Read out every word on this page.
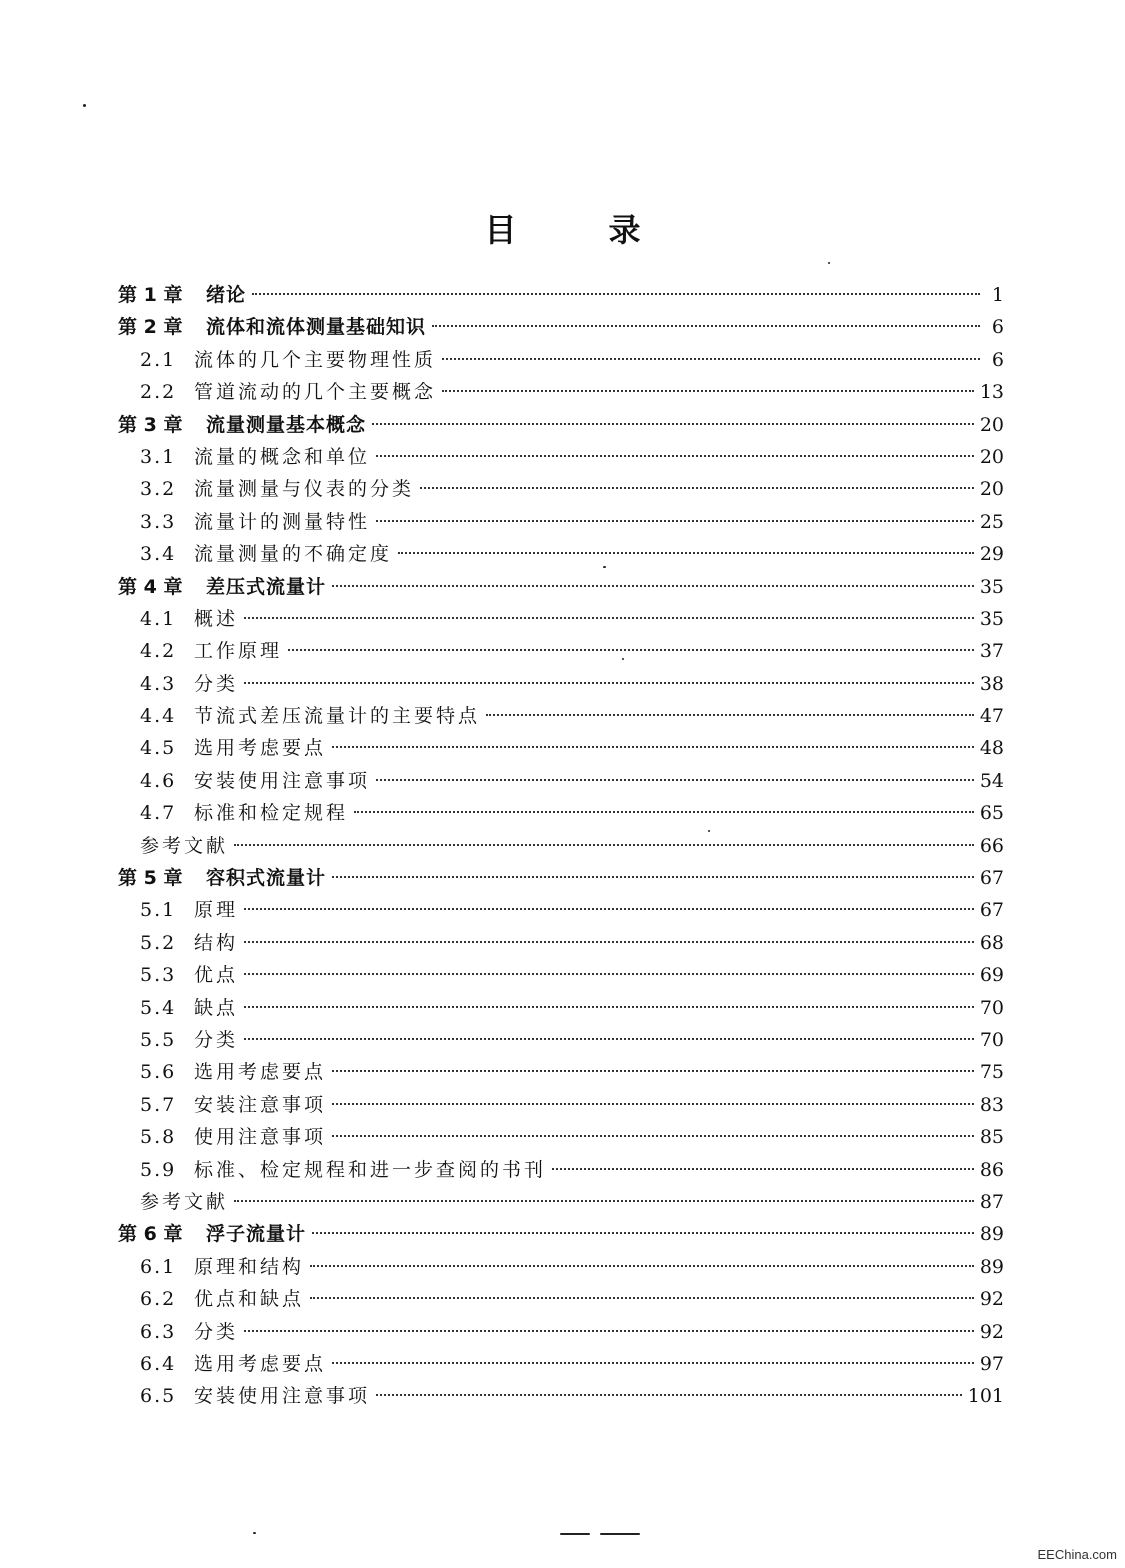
目	录
第 1 章	绪论	1
第 2 章	流体和流体测量基础知识	6
2.1 流体的几个主要物理性质	6
2.2 管道流动的几个主要概念	13
第 3 章	流量测量基本概念	20
3.1 流量的概念和单位	20
3.2 流量测量与仪表的分类	20
3.3 流量计的测量特性	25
3.4 流量测量的不确定度	29
第 4 章	差压式流量计	35
4.1 概述	35
4.2 工作原理	37
4.3 分类	38
4.4 节流式差压流量计的主要特点	47
4.5 选用考虑要点	48
4.6 安装使用注意事项	54
4.7 标准和检定规程	65
参考文献	66
第 5 章	容积式流量计	67
5.1 原理	67
5.2 结构	68
5.3 优点	69
5.4 缺点	70
5.5 分类	70
5.6 选用考虑要点	75
5.7 安装注意事项	83
5.8 使用注意事项	85
5.9 标准、检定规程和进一步查阅的书刊	86
参考文献	87
第 6 章	浮子流量计	89
6.1 原理和结构	89
6.2 优点和缺点	92
6.3 分类	92
6.4 选用考虑要点	97
6.5 安装使用注意事项	101
EEChina.com
